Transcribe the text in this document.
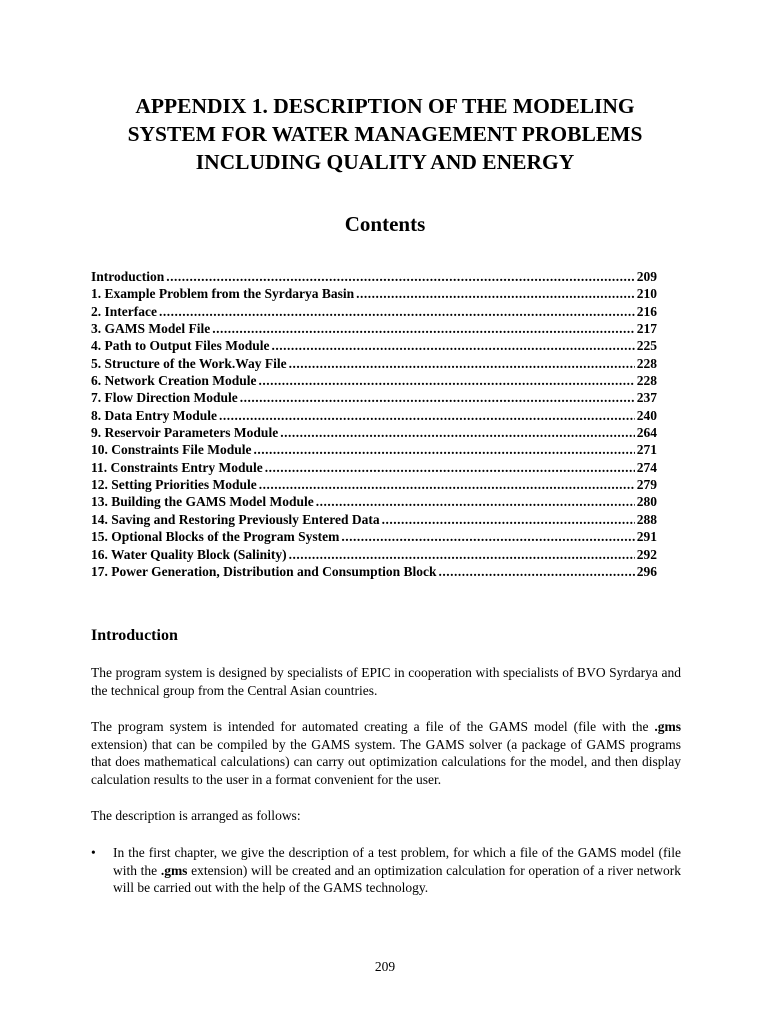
APPENDIX 1. DESCRIPTION OF THE MODELING
SYSTEM FOR WATER MANAGEMENT PROBLEMS
INCLUDING QUALITY AND ENERGY
Contents
Introduction .....	209
1. Example Problem from the Syrdarya Basin .....	210
2. Interface .....	216
3. GAMS Model File .....	217
4. Path to Output Files Module .....	225
5. Structure of the Work.Way File .....	228
6. Network Creation Module .....	228
7. Flow Direction Module .....	237
8. Data Entry Module .....	240
9. Reservoir Parameters Module .....	264
10. Constraints File Module .....	271
11. Constraints Entry Module .....	274
12. Setting Priorities Module .....	279
13. Building the GAMS Model Module .....	280
14. Saving and Restoring Previously Entered Data .....	288
15. Optional Blocks of the Program System .....	291
16. Water Quality Block (Salinity) .....	292
17. Power Generation, Distribution and Consumption Block .....	296
Introduction

The program system is designed by specialists of EPIC in cooperation with specialists of BVO Syrdarya and the technical group from the Central Asian countries.

The program system is intended for automated creating a file of the GAMS model (file with the .gms extension) that can be compiled by the GAMS system. The GAMS solver (a package of GAMS programs that does mathematical calculations) can carry out optimization calculations for the model, and then display calculation results to the user in a format convenient for the user.

The description is arranged as follows:

• In the first chapter, we give the description of a test problem, for which a file of the GAMS model (file with the .gms extension) will be created and an optimization calculation for operation of a river network will be carried out with the help of the GAMS technology.
209
